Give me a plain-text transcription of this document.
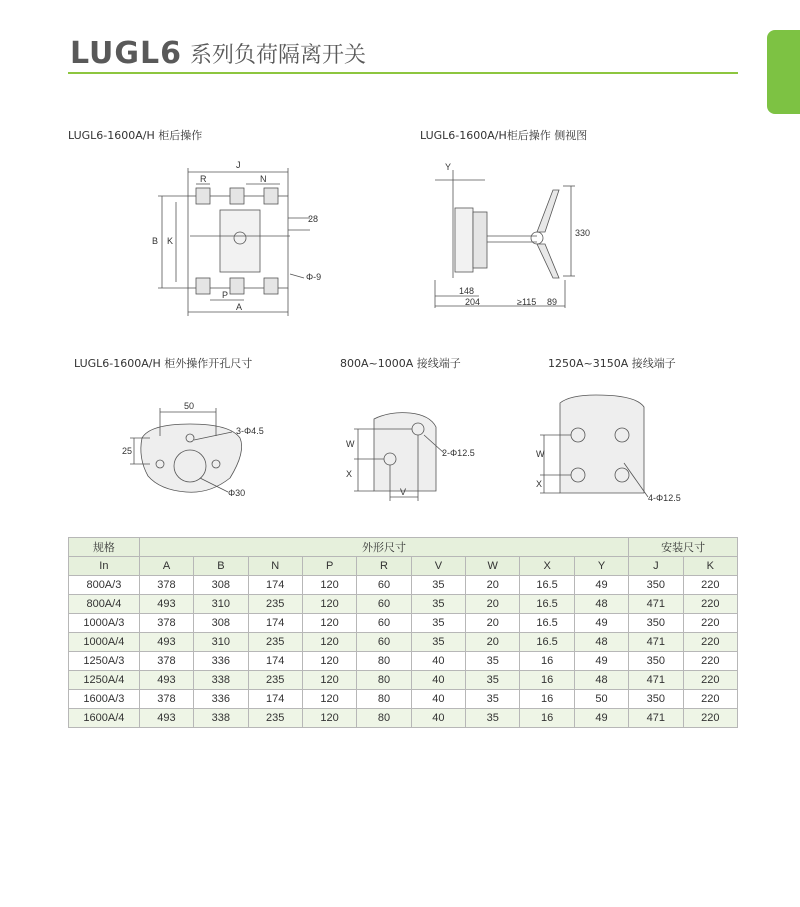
LUGL6 系列负荷隔离开关
LUGL6-1600A/H 柜后操作	LUGL6-1600A/H柜后操作 侧视图
LUGL6-1600A/H 柜外操作开孔尺寸	800A~1000A 接线端子	1250A~3150A 接线端子
J
R	N
B K
28
Φ-9
P
A
Y
330
148
204	≥115 89
50
25
3-Φ4.5
Φ30
W
X
V
2-Φ12.5	W
X
4-Φ12.5
规格	外形尺寸									安装尺寸	
In	A	B	N	P	R	V	W	X	Y	J	K
800A/3	378	308	174	120	60	35	20	16.5	49	350	220
800A/4	493	310	235	120	60	35	20	16.5	48	471	220
1000A/3	378	308	174	120	60	35	20	16.5	49	350	220
1000A/4	493	310	235	120	60	35	20	16.5	48	471	220
1250A/3	378	336	174	120	80	40	35	16	49	350	220
1250A/4	493	338	235	120	80	40	35	16	48	471	220
1600A/3	378	336	174	120	80	40	35	16	50	350	220
1600A/4	493	338	235	120	80	40	35	16	49	471	220
